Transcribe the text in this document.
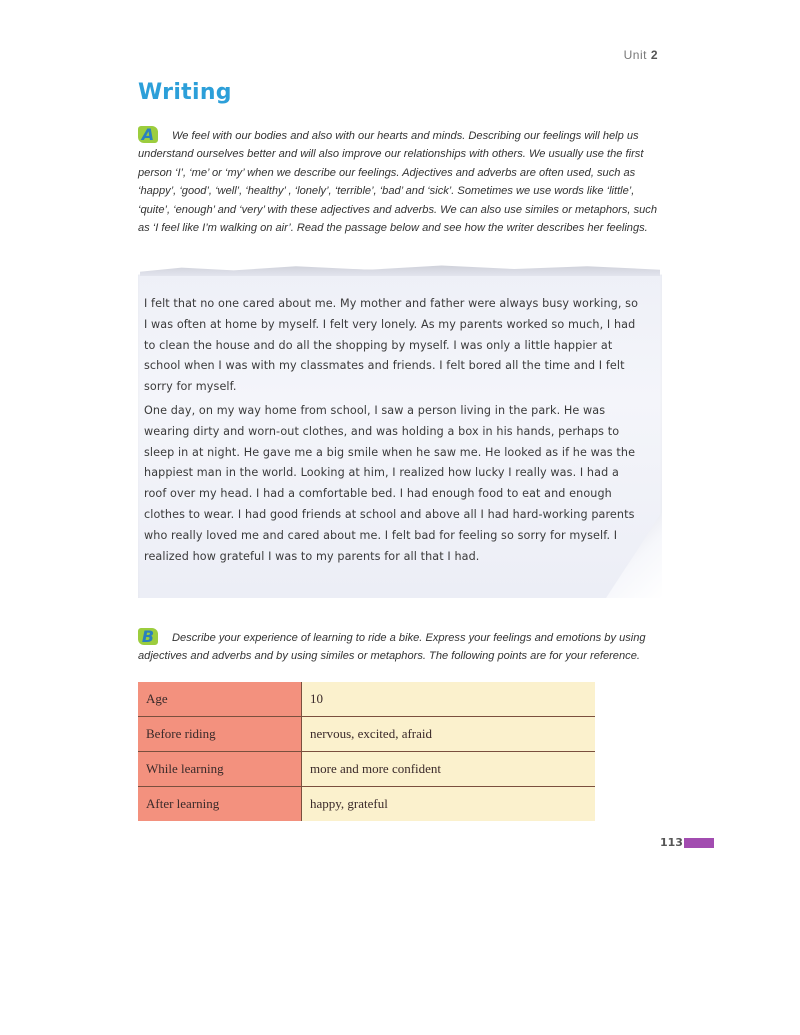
Unit 2
Writing
A We feel with our bodies and also with our hearts and minds. Describing our feelings will help us understand ourselves better and will also improve our relationships with others. We usually use the first person ‘I’, ‘me’ or ‘my’ when we describe our feelings. Adjectives and adverbs are often used, such as ‘happy’, ‘good’, ‘well’, ‘healthy’ , ‘lonely’, ‘terrible’, ‘bad’ and ‘sick’. Sometimes we use words like ‘little’, ‘quite’, ‘enough’ and ‘very’ with these adjectives and adverbs. We can also use similes or metaphors, such as ‘I feel like I’m walking on air’. Read the passage below and see how the writer describes her feelings.

I felt that no one cared about me. My mother and father were always busy working, so I was often at home by myself. I felt very lonely. As my parents worked so much, I had to clean the house and do all the shopping by myself. I was only a little happier at school when I was with my classmates and friends. I felt bored all the time and I felt sorry for myself.

One day, on my way home from school, I saw a person living in the park. He was wearing dirty and worn-out clothes, and was holding a box in his hands, perhaps to sleep in at night. He gave me a big smile when he saw me. He looked as if he was the happiest man in the world. Looking at him, I realized how lucky I really was. I had a roof over my head. I had a comfortable bed. I had enough food to eat and enough clothes to wear. I had good friends at school and above all I had hard-working parents who really loved me and cared about me. I felt bad for feeling so sorry for myself. I realized how grateful I was to my parents for all that I had.

B Describe your experience of learning to ride a bike. Express your feelings and emotions by using adjectives and adverbs and by using similes or metaphors. The following points are for your reference.
Age	10
Before riding	nervous, excited, afraid
While learning	more and more confident
After learning	happy, grateful
113
